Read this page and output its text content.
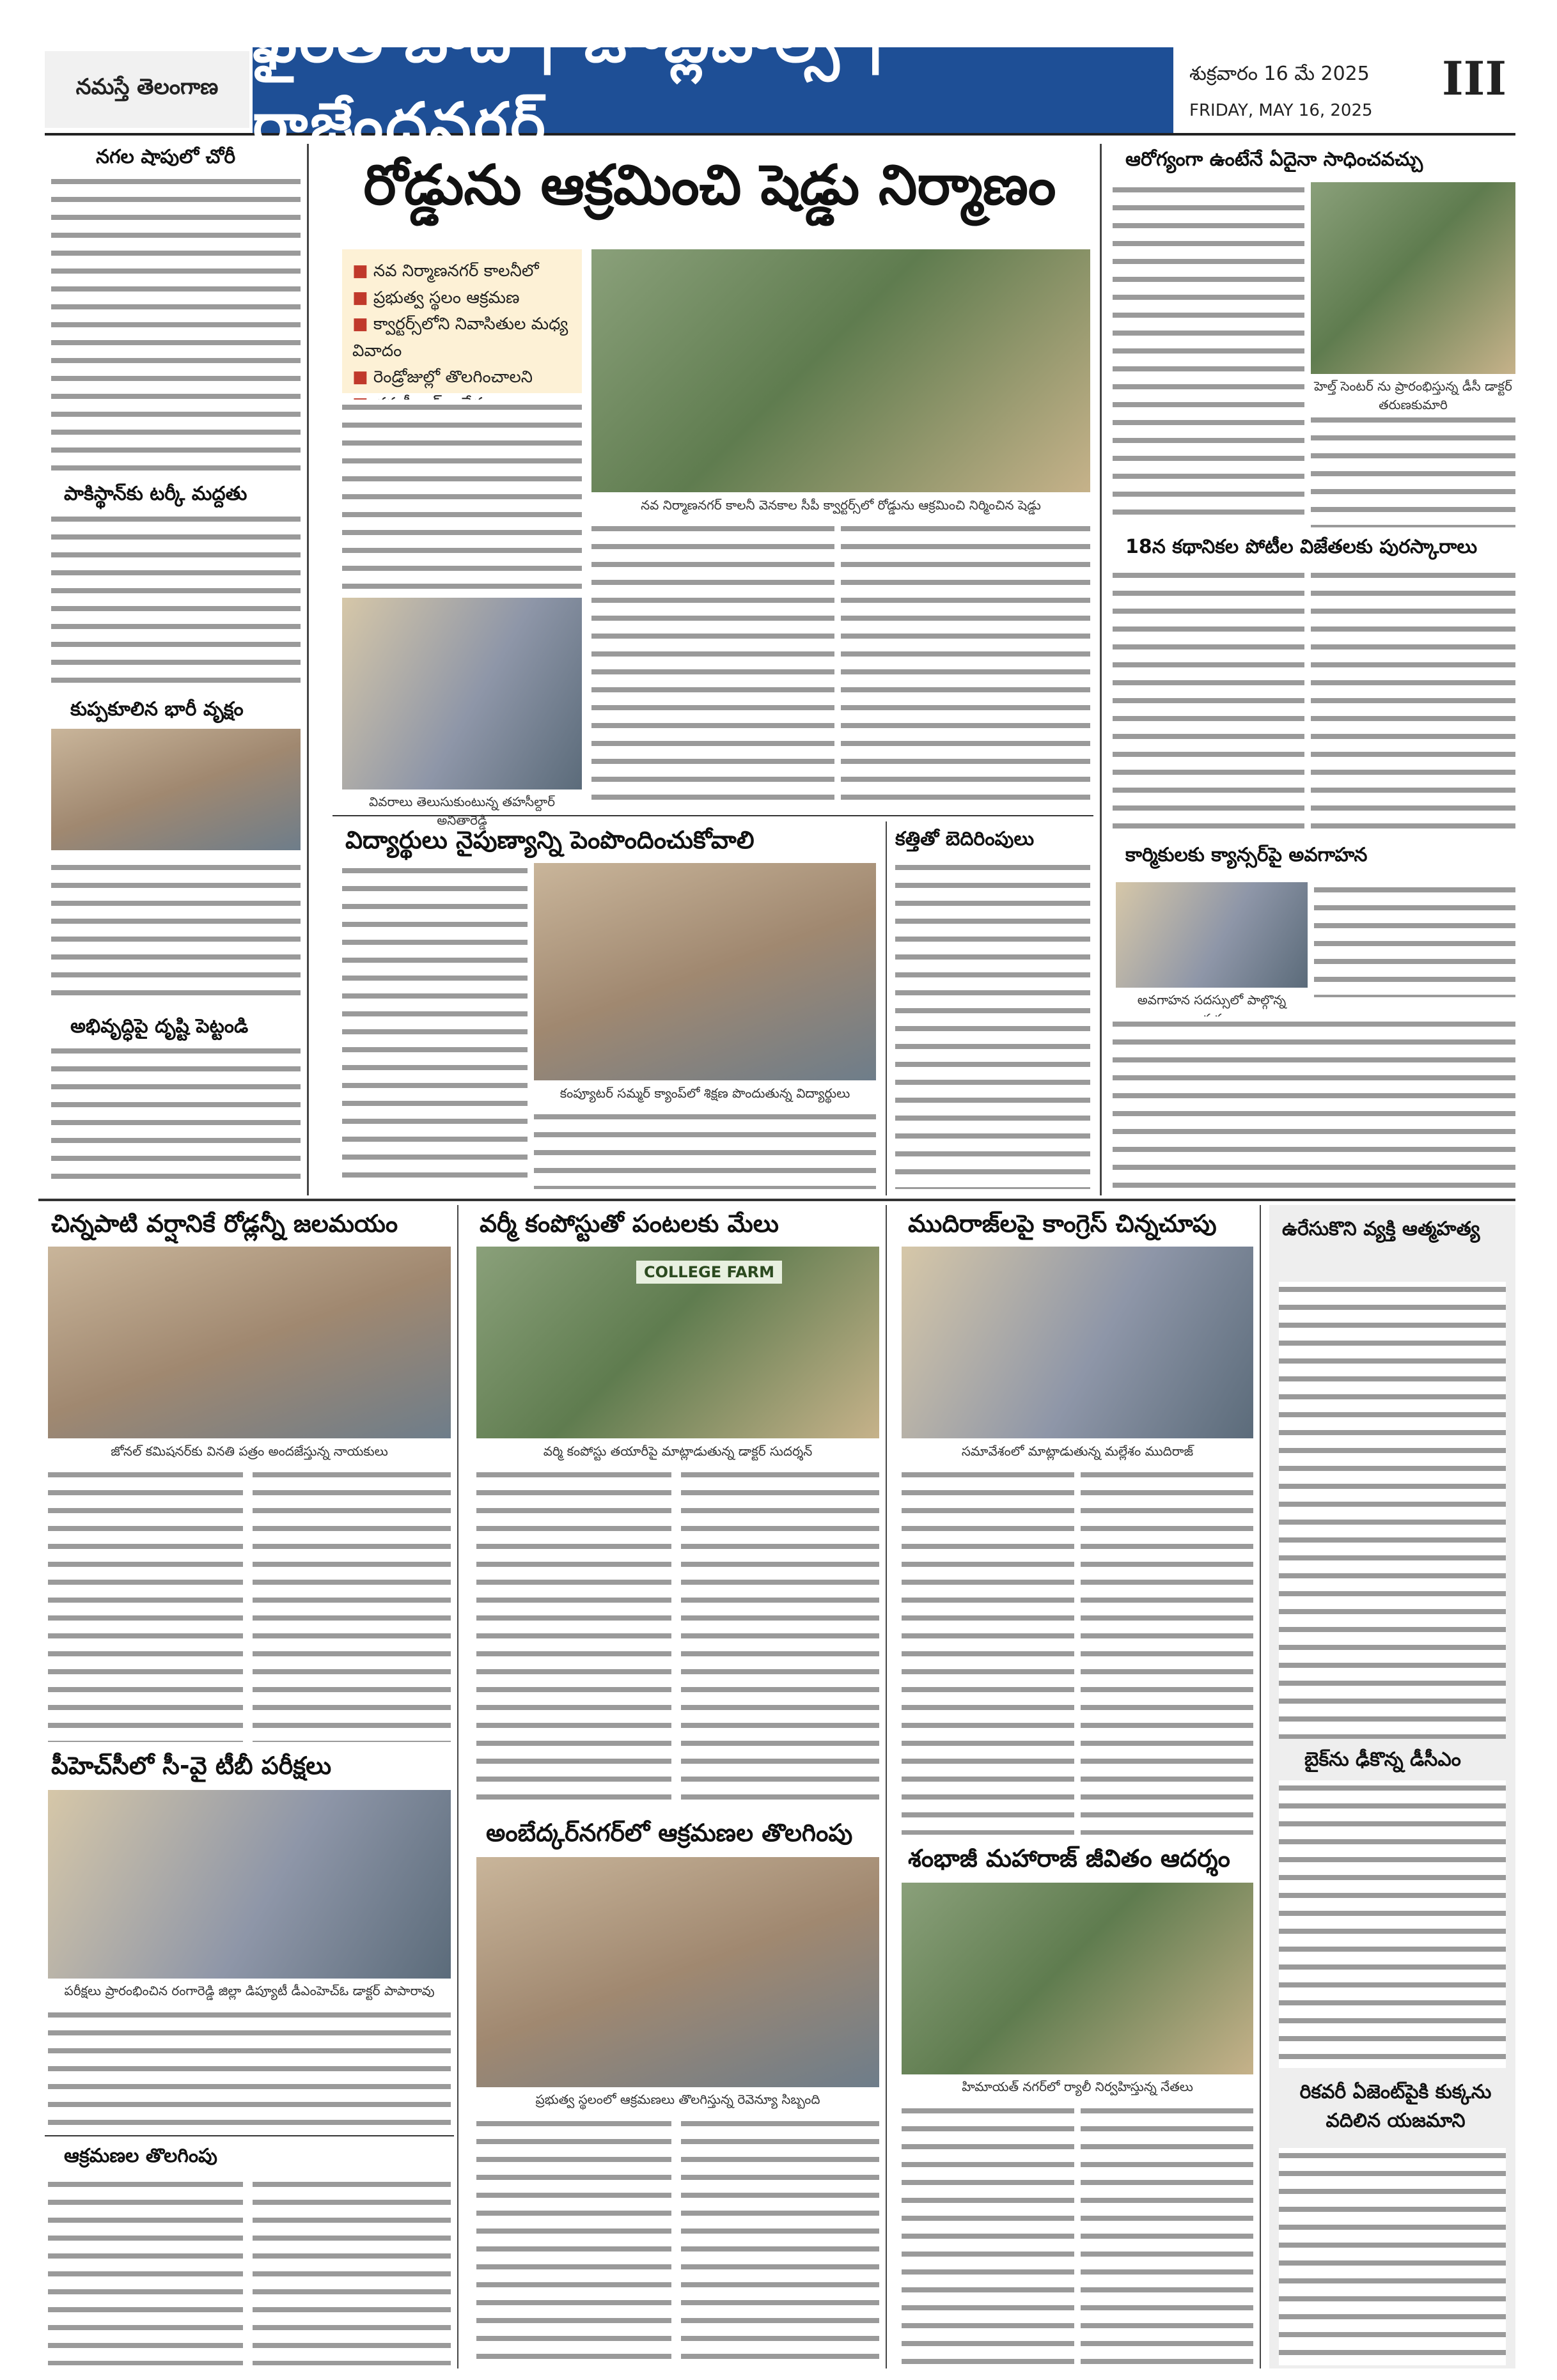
నమస్తే తెలంగాణ
ఖైరతాబాద్ | జూబ్లీహిల్స్ | రాజేంద్రనగర్
శుక్రవారం 16 మే 2025
FRIDAY, MAY 16, 2025
III
నగల షాపులో చోరీ
పాకిస్థాన్‌కు టర్కీ మద్దతు
కుప్పకూలిన భారీ వృక్షం
అభివృద్ధిపై దృష్టి పెట్టండి
రోడ్డును ఆక్రమించి షెడ్డు నిర్మాణం
■ నవ నిర్మాణనగర్ కాలనీలో
■ ప్రభుత్వ స్థలం ఆక్రమణ
■ క్వార్టర్స్‌లోని నివాసితుల మధ్య వివాదం
■ రెండ్రోజుల్లో తొలగించాలని
■
నవ నిర్మాణనగర్ కాలనీ వెనకాల సీపీ క్వార్టర్స్‌లో రోడ్డును ఆక్రమించి నిర్మించిన షెడ్డు
వివరాలు తెలుసుకుంటున్న తహసీల్దార్ అనితారెడ్డి
విద్యార్థులు నైపుణ్యాన్ని పెంపొందించుకోవాలి
కంప్యూటర్ సమ్మర్ క్యాంప్‌లో శిక్షణ పొందుతున్న విద్యార్థులు
కత్తితో బెదిరింపులు
ఆరోగ్యంగా ఉంటేనే ఏదైనా సాధించవచ్చు
హెల్త్ సెంటర్ ను ప్రారంభిస్తున్న డీసీ డాక్టర్ తరుణకుమారి
18న కథానికల పోటీల విజేతలకు పురస్కారాలు
కార్మికులకు క్యాన్సర్‌పై అవగాహన
అవగాహన సదస్సులో పాల్గొన్న
చిన్నపాటి వర్షానికే రోడ్లన్నీ జలమయం
జోనల్ కమిషనర్‌కు వినతి పత్రం అందజేస్తున్న నాయకులు
పీహెచ్‌సీలో సీ-వై టీబీ పరీక్షలు
పరీక్షలు ప్రారంభించిన రంగారెడ్డి జిల్లా డిప్యూటీ డీఎంహెచ్‌ఓ డాక్టర్ పాపారావు
ఆక్రమణల తొలగింపు
వర్మీ కంపోస్టుతో పంటలకు మేలు
COLLEGE FARM
వర్మి కంపోస్టు తయారీపై మాట్లాడుతున్న డాక్టర్ సుదర్శన్
అంబేద్కర్‌నగర్‌లో ఆక్రమణల తొలగింపు
ప్రభుత్వ స్థలంలో ఆక్రమణలు తొలగిస్తున్న రెవెన్యూ సిబ్బంది
ముదిరాజ్‌లపై కాంగ్రెస్ చిన్నచూపు
సమావేశంలో మాట్లాడుతున్న మల్లేశం ముదిరాజ్
శంభాజీ మహారాజ్ జీవితం ఆదర్శం
హిమాయత్ నగర్‌లో ర్యాలీ నిర్వహిస్తున్న నేతలు
ఉరేసుకొని వ్యక్తి ఆత్మహత్య
బైక్‌ను ఢీకొన్న డీసీఎం
రికవరీ ఏజెంట్‌పైకి కుక్కను వదిలిన యజమాని
